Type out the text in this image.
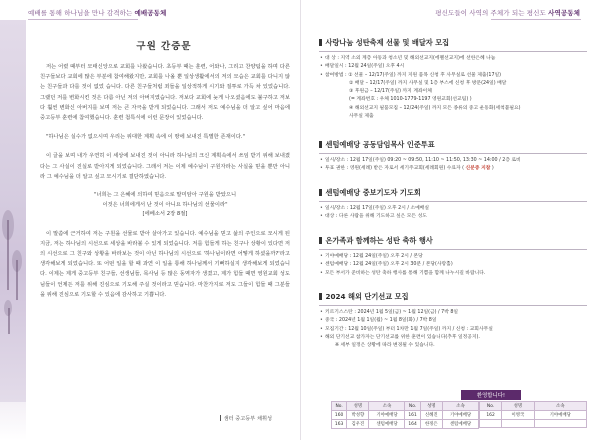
예배를 통해 하나님을 만나 감격하는 예배공동체
구원 간증문

저는 어렸 때부터 모태신앙으로 교회를 나왔습니다. 초등부 때는 훈련, 어와나, 그리고 찬양팀을 하며 다른 친구들보다 교회에 많은 부분에 참여해왔지만, 교회를 나올 뿐 일상생활에서의 저의 모습은 교회를 다니지 않는 친구들과 다를 것이 없었 습니다. 다른 친구들처럼 죄들을 일상적하게 시기와 질투로 가득 차 있었습니다. 그랬던 저를 변화시킨 것은 다름 아닌 저의 아버지였습니다. 저보다 교회에 늦게 나오셨음에도 불구하고 저보다 훨씬 변화신 아버지를 보며 저는 큰 자극을 받게 되었습니다. 그래서 저도 예수님을 더 알고 싶어 마음에 중고등부 훈련에 참여했습니다. 훈련 첨특식에 이런 문장이 있었습니다.

"하나님은 실수가 없으시며 우리는 위대한 계획 속에 이 땅에 보내진 특별한 존재이다."

이 글을 보며 내가 우연히 이 세상에 보내진 것이 아니라 하나님의 크신 계획속에서 쓰임 받기 위해 보내졌다는 그 사실이 진실로 받아지게 되었습니다. 그래서 저는 이제 예수님이 구원자라는 사실을 믿을 뿐만 아니라 그 예수님을 더 알고 싶고 모시기로 결단하였습니다.

"너희는 그 은혜에 의하여 믿음으로 말미암아 구원을 받았으니
이것은 너희에게서 난 것이 아니요 하나님의 선물이라"
[에베소서 2장 8절]

이 말씀에 근거하여 저는 구원을 선물로 받아 살아가고 있습니다. 예수님을 믿고 삶의 주인으로 모시게 된 지금, 저는 하나님의 시선으로 세상을 바라볼 수 있게 되었습니다. 저를 힘들게 하는 친구나 상황이 있다면 저의 시선으로 그 친구와 상황을 바라보는 것이 아닌 하나님의 시선으로 '하나님이라면 어떻게 하셨을까?'라고 생각해보게 되었습니다. 또 어떤 일을 할 때 과연 이 일을 통해 하나님께서 기뻐하실지 생각해보게 되었습니다. 이제는 제게 중고등부 친구들, 선생님들, 목사님 등 많은 동역자가 생겼고, 제가 힘들 때면 영원교회 성도님들이 언제든 저를 위해 진심으로 기도해 주실 것이라고 믿습니다. 마찬가지로 저도 그들이 힘들 때 그분들을 위해 진심으로 기도할 수 있음에 감사하고 기쁩니다.

샘터 중고등부 채휘성
평신도들이 사역의 주체가 되는 평신도 사역공동체
사랑나눔 성탄축제 선물 및 배달자 모집
• 대 상 : 지역 소외 계층 아동과 청소년 및 해외선교지(에펠선교지)에 선한은혜 나눔
• 배달일시 : 12월 24일(주일) 오후 4시
• 참여방법 : ① 선물 – 12/17(주일) 까지 지원 품목 신청 후 사무실로 선물 제출(17일)
② 배달 – 12/17(주일) 까지 사무실 및 1층 부스에 신청 후 방문(24일) 배달
③ 후원금 – 12/17(주일) 까지 계좌이체
(= 계좌번호 : 우체 1010-1779-1197 영원교회(선교팀) )
④ 해외선교지 필품모집 – 12/24(주일) 까지 모든 종류의 중고 운동화(세척불필요)
사무실 제출
센텀예배당 공동담임목사 인준투표
• 일시/장소 : 12월 17일(주일) 09:20 ~ 09:50, 11:10 ~ 11:50, 13:30 ~ 14:00 / 2층 로비
• 투표 권한 : 영원(세례) 받은 자로서 세기주교회(세례회원) 수료자 ( 신분증 지참 )
센텀예배당 중보기도자 기도회
• 일시/장소 : 12월 17일(주일) 오후 2시 / 소예배실
• 대상 : 다른 사람을 위해 기도하고 싶은 모든 성도
온가족과 함께하는 성탄 축하 행사
• 기야예배당 : 12월 24일(주일) 오후 2시 / 본당
• 센텀예배당 : 12월 24일(주일) 오후 2시 30분 / 본당(사랑홀)
• 모든 부서가 준비하는 성탄 축하 행사를 통해 기쁨을 함께 나누시길 바랍니다.
2024 해외 단기선교 모집
• 키르기스스탄 : 2024년 1월 5일(금) ~ 1월 12일(금) / 7박 8일
• 중국 : 2024년 1월 1일(월) ~ 1월 8일(화) / 7박 8일
• 모집기간 : 12월 10일(주일) 부터 1차만 1월 7일(주일) 까지 / 신청 : 교회사무실
• 해외 단기선교 참가자는 단기선교를 위한 훈련이 있습니다(추후 일정공지).
※ 세부 일정은 상황에 따라 변경될 수 있습니다.
환영합니다!
No.	성명	소속	No.	성명	소속
160	박성향	기야예배당	161	신혜진	기야예배당
163	김우진	센텀예배당	164	한정은	센텀예배당
No.	성명	소속
162	이병국	기야예배당
